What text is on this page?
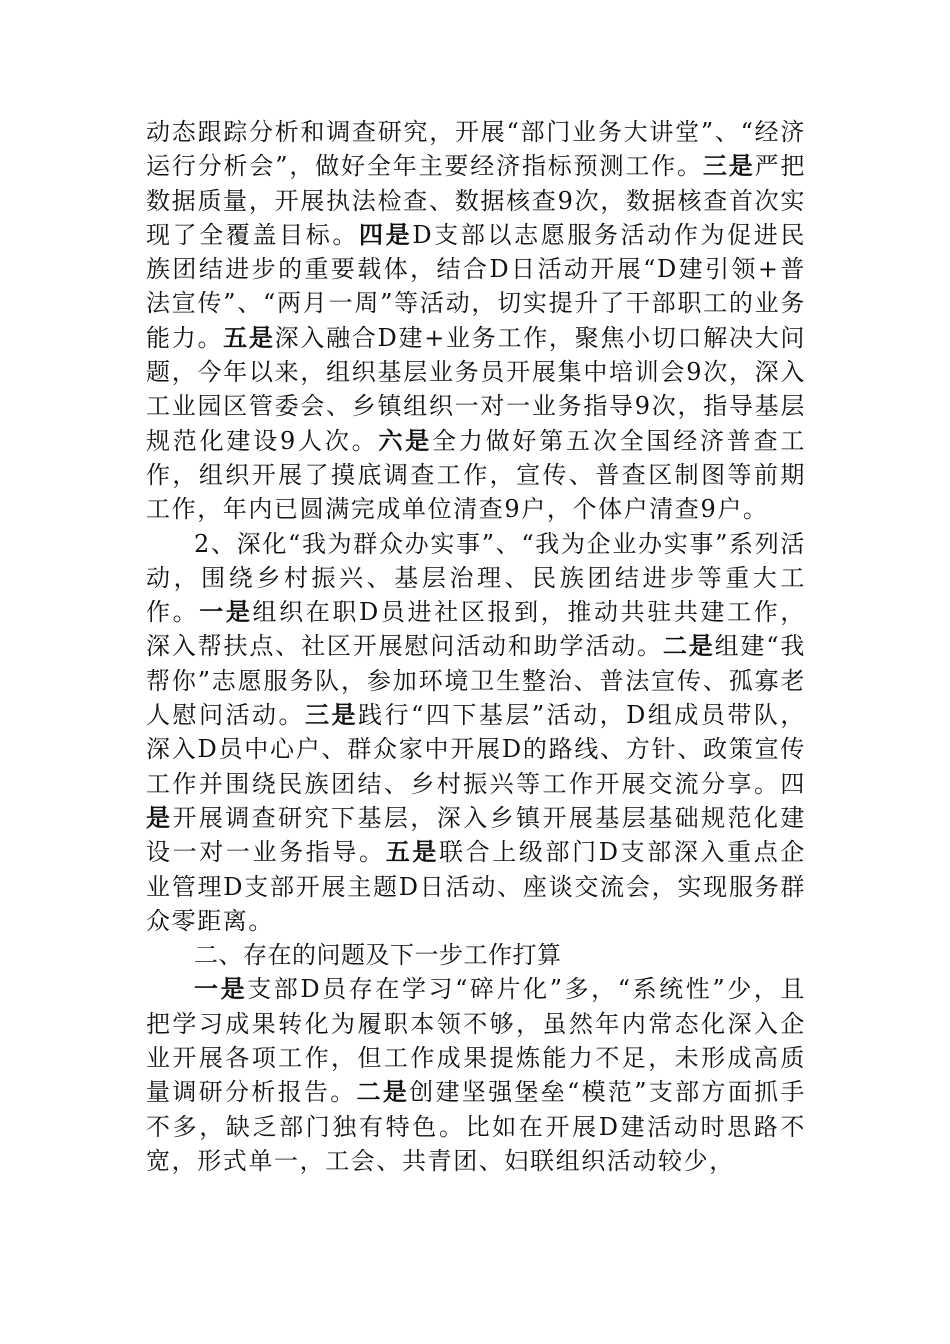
动态跟踪分析和调查研究，开展“部门业务大讲堂”、“经济运行分析会”，做好全年主要经济指标预测工作。三是严把数据质量，开展执法检查、数据核查9次，数据核查首次实现了全覆盖目标。四是D支部以志愿服务活动作为促进民族团结进步的重要载体，结合D日活动开展“D建引领+普法宣传”、“两月一周”等活动，切实提升了干部职工的业务能力。五是深入融合D建+业务工作，聚焦小切口解决大问题，今年以来，组织基层业务员开展集中培训会9次，深入工业园区管委会、乡镇组织一对一业务指导9次，指导基层规范化建设9人次。六是全力做好第五次全国经济普查工作，组织开展了摸底调查工作，宣传、普查区制图等前期工作，年内已圆满完成单位清查9户，个体户清查9户。

2、深化“我为群众办实事”、“我为企业办实事”系列活动，围绕乡村振兴、基层治理、民族团结进步等重大工作。一是组织在职D员进社区报到，推动共驻共建工作，深入帮扶点、社区开展慰问活动和助学活动。二是组建“我帮你”志愿服务队，参加环境卫生整治、普法宣传、孤寡老人慰问活动。三是践行“四下基层”活动，D组成员带队，深入D员中心户、群众家中开展D的路线、方针、政策宣传工作并围绕民族团结、乡村振兴等工作开展交流分享。四是开展调查研究下基层，深入乡镇开展基层基础规范化建设一对一业务指导。五是联合上级部门D支部深入重点企业管理D支部开展主题D日活动、座谈交流会，实现服务群众零距离。

二、存在的问题及下一步工作打算

一是支部D员存在学习“碎片化”多，“系统性”少，且把学习成果转化为履职本领不够，虽然年内常态化深入企业开展各项工作，但工作成果提炼能力不足，未形成高质量调研分析报告。二是创建坚强堡垒“模范”支部方面抓手不多，缺乏部门独有特色。比如在开展D建活动时思路不宽，形式单一，工会、共青团、妇联组织活动较少，
